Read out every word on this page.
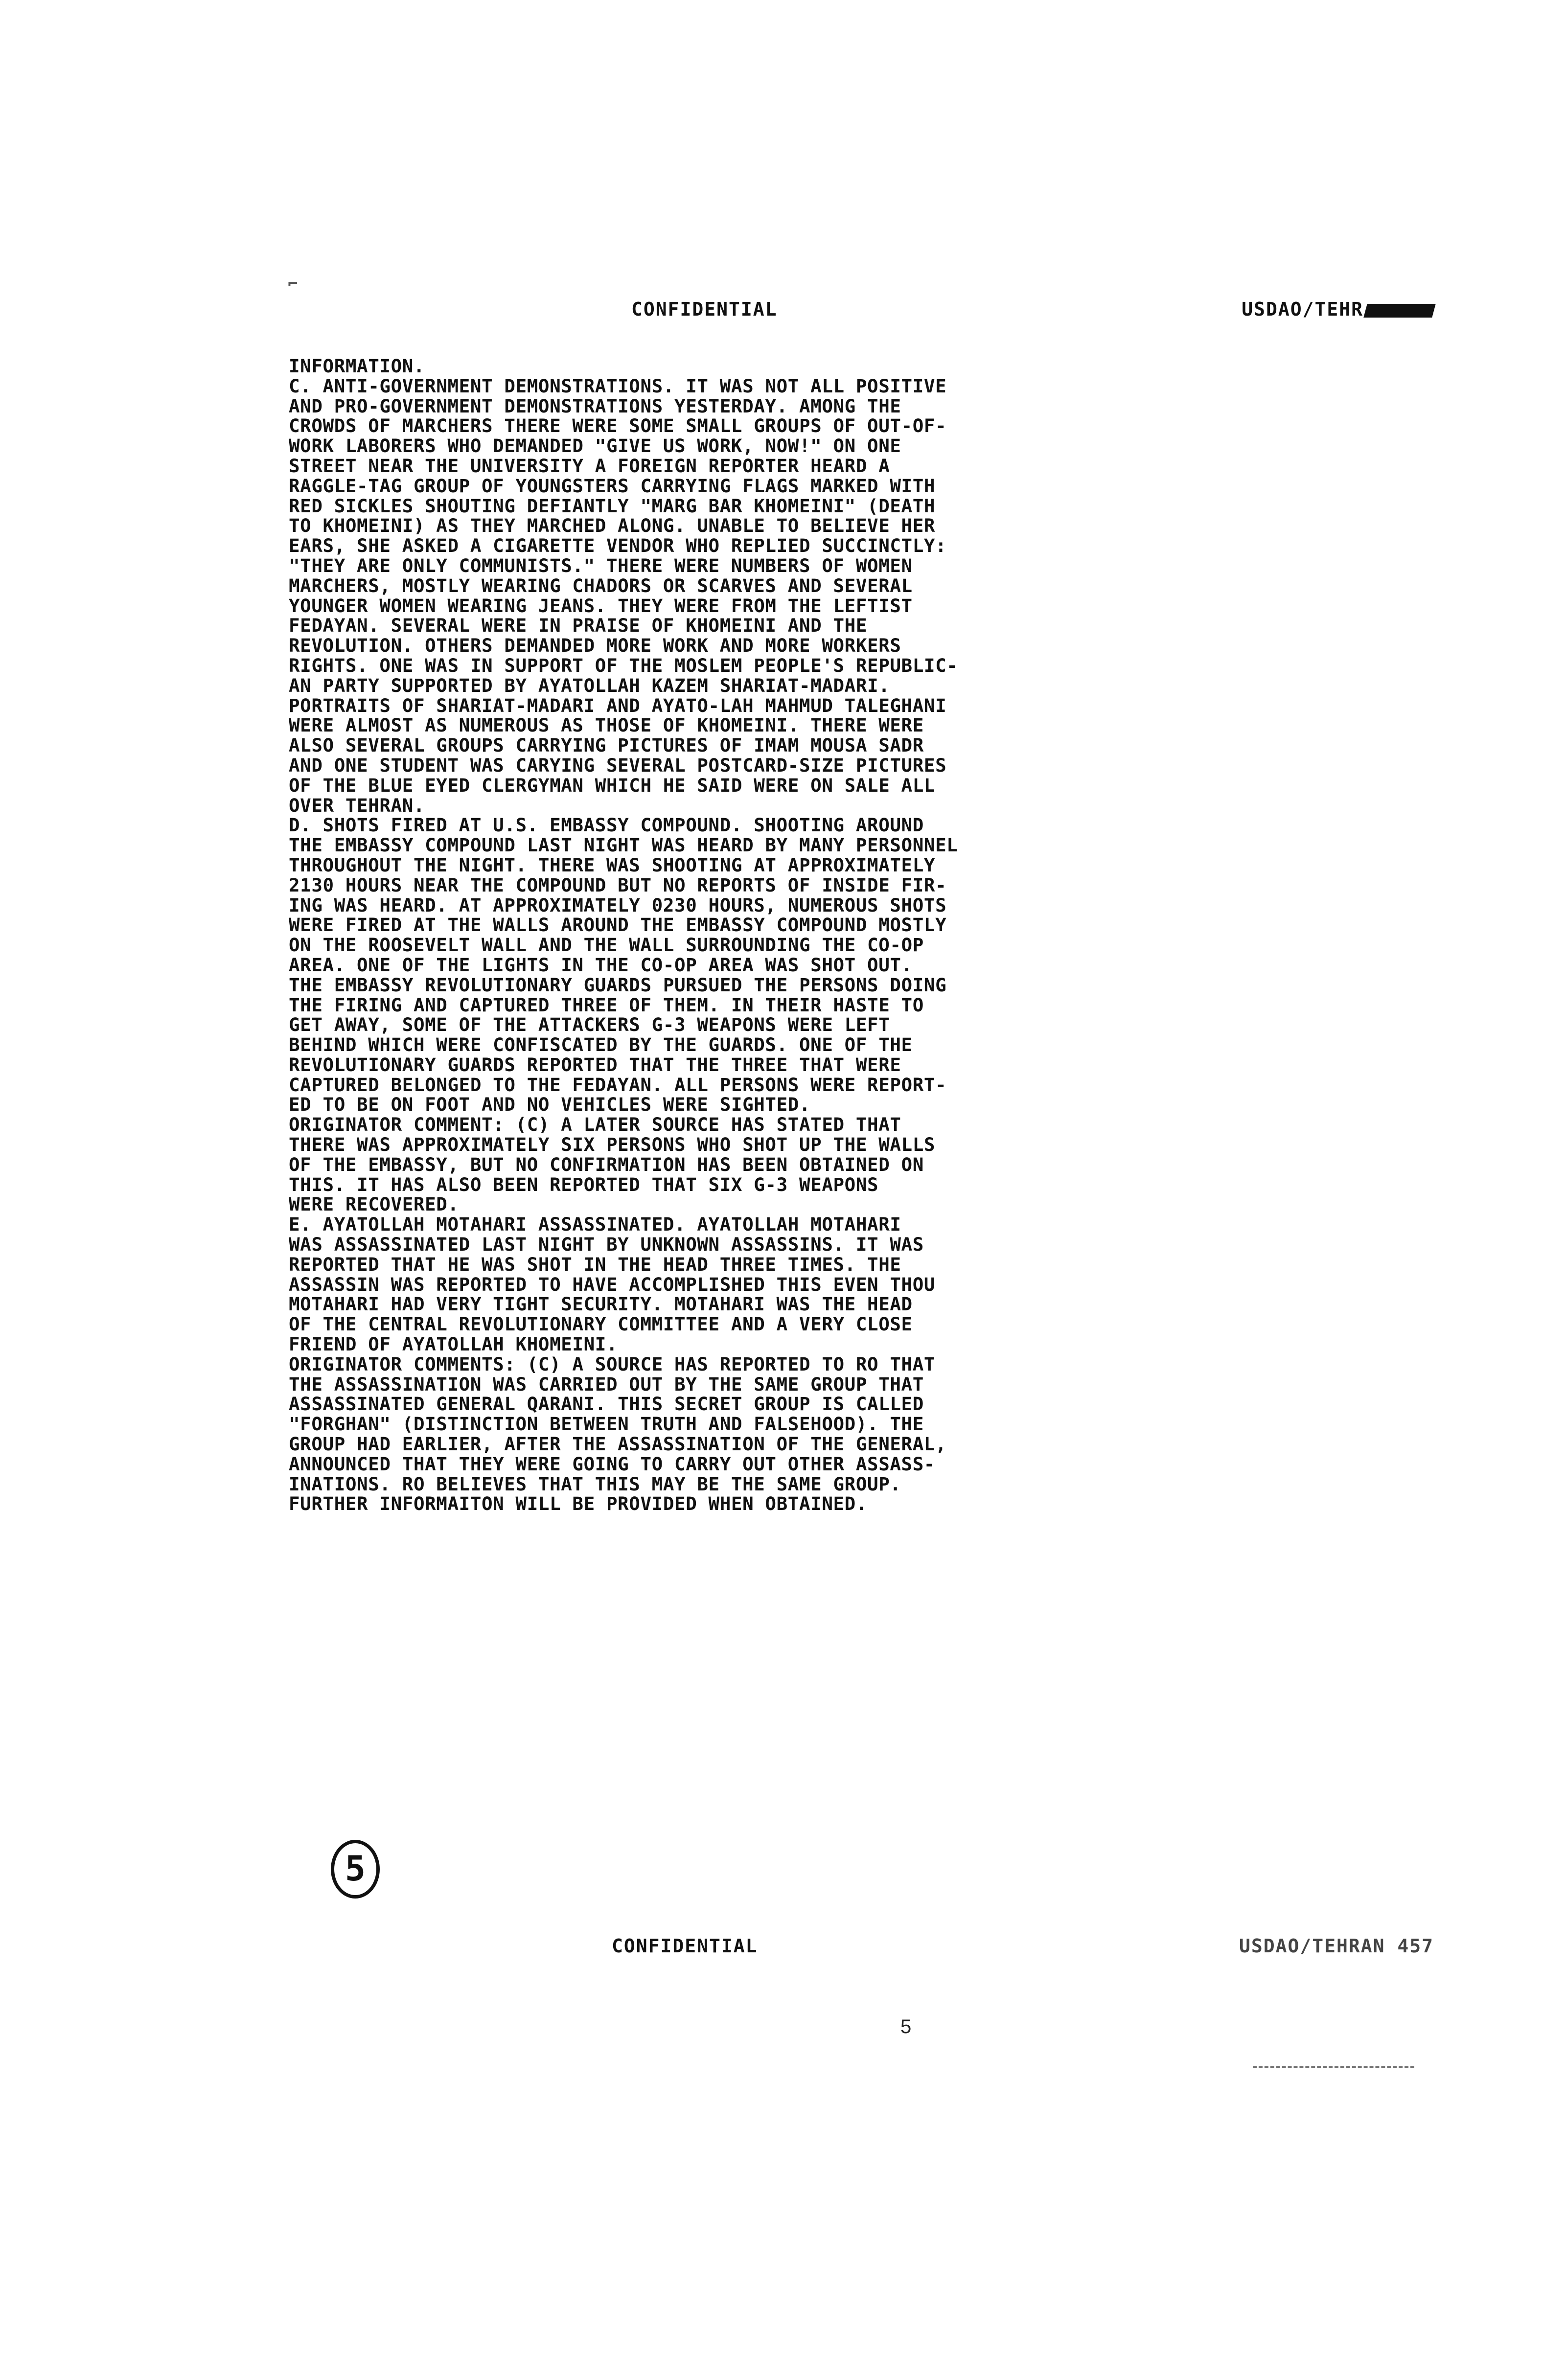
⌐
CONFIDENTIAL	USDAO/TEHR
INFORMATION.
C. ANTI-GOVERNMENT DEMONSTRATIONS. IT WAS NOT ALL POSITIVE
AND PRO-GOVERNMENT DEMONSTRATIONS YESTERDAY. AMONG THE
CROWDS OF MARCHERS THERE WERE SOME SMALL GROUPS OF OUT-OF-
WORK LABORERS WHO DEMANDED "GIVE US WORK, NOW!" ON ONE
STREET NEAR THE UNIVERSITY A FOREIGN REPORTER HEARD A
RAGGLE-TAG GROUP OF YOUNGSTERS CARRYING FLAGS MARKED WITH
RED SICKLES SHOUTING DEFIANTLY "MARG BAR KHOMEINI" (DEATH
TO KHOMEINI) AS THEY MARCHED ALONG. UNABLE TO BELIEVE HER
EARS, SHE ASKED A CIGARETTE VENDOR WHO REPLIED SUCCINCTLY:
"THEY ARE ONLY COMMUNISTS." THERE WERE NUMBERS OF WOMEN
MARCHERS, MOSTLY WEARING CHADORS OR SCARVES AND SEVERAL
YOUNGER WOMEN WEARING JEANS. THEY WERE FROM THE LEFTIST
FEDAYAN. SEVERAL WERE IN PRAISE OF KHOMEINI AND THE
REVOLUTION. OTHERS DEMANDED MORE WORK AND MORE WORKERS
RIGHTS. ONE WAS IN SUPPORT OF THE MOSLEM PEOPLE'S REPUBLIC-
AN PARTY SUPPORTED BY AYATOLLAH KAZEM SHARIAT-MADARI.
PORTRAITS OF SHARIAT-MADARI AND AYATO-LAH MAHMUD TALEGHANI
WERE ALMOST AS NUMEROUS AS THOSE OF KHOMEINI. THERE WERE
ALSO SEVERAL GROUPS CARRYING PICTURES OF IMAM MOUSA SADR
AND ONE STUDENT WAS CARYING SEVERAL POSTCARD-SIZE PICTURES
OF THE BLUE EYED CLERGYMAN WHICH HE SAID WERE ON SALE ALL
OVER TEHRAN.
D. SHOTS FIRED AT U.S. EMBASSY COMPOUND. SHOOTING AROUND
THE EMBASSY COMPOUND LAST NIGHT WAS HEARD BY MANY PERSONNEL
THROUGHOUT THE NIGHT. THERE WAS SHOOTING AT APPROXIMATELY
2130 HOURS NEAR THE COMPOUND BUT NO REPORTS OF INSIDE FIR-
ING WAS HEARD. AT APPROXIMATELY 0230 HOURS, NUMEROUS SHOTS
WERE FIRED AT THE WALLS AROUND THE EMBASSY COMPOUND MOSTLY
ON THE ROOSEVELT WALL AND THE WALL SURROUNDING THE CO-OP
AREA. ONE OF THE LIGHTS IN THE CO-OP AREA WAS SHOT OUT.
THE EMBASSY REVOLUTIONARY GUARDS PURSUED THE PERSONS DOING
THE FIRING AND CAPTURED THREE OF THEM. IN THEIR HASTE TO
GET AWAY, SOME OF THE ATTACKERS G-3 WEAPONS WERE LEFT
BEHIND WHICH WERE CONFISCATED BY THE GUARDS. ONE OF THE
REVOLUTIONARY GUARDS REPORTED THAT THE THREE THAT WERE
CAPTURED BELONGED TO THE FEDAYAN. ALL PERSONS WERE REPORT-
ED TO BE ON FOOT AND NO VEHICLES WERE SIGHTED.
ORIGINATOR COMMENT: (C) A LATER SOURCE HAS STATED THAT
THERE WAS APPROXIMATELY SIX PERSONS WHO SHOT UP THE WALLS
OF THE EMBASSY, BUT NO CONFIRMATION HAS BEEN OBTAINED ON
THIS. IT HAS ALSO BEEN REPORTED THAT SIX G-3 WEAPONS
WERE RECOVERED.
E. AYATOLLAH MOTAHARI ASSASSINATED. AYATOLLAH MOTAHARI
WAS ASSASSINATED LAST NIGHT BY UNKNOWN ASSASSINS. IT WAS
REPORTED THAT HE WAS SHOT IN THE HEAD THREE TIMES. THE
ASSASSIN WAS REPORTED TO HAVE ACCOMPLISHED THIS EVEN THOU
MOTAHARI HAD VERY TIGHT SECURITY. MOTAHARI WAS THE HEAD
OF THE CENTRAL REVOLUTIONARY COMMITTEE AND A VERY CLOSE
FRIEND OF AYATOLLAH KHOMEINI.
ORIGINATOR COMMENTS: (C) A SOURCE HAS REPORTED TO RO THAT
THE ASSASSINATION WAS CARRIED OUT BY THE SAME GROUP THAT
ASSASSINATED GENERAL QARANI. THIS SECRET GROUP IS CALLED
"FORGHAN" (DISTINCTION BETWEEN TRUTH AND FALSEHOOD). THE
GROUP HAD EARLIER, AFTER THE ASSASSINATION OF THE GENERAL,
ANNOUNCED THAT THEY WERE GOING TO CARRY OUT OTHER ASSASS-
INATIONS. RO BELIEVES THAT THIS MAY BE THE SAME GROUP.
FURTHER INFORMAITON WILL BE PROVIDED WHEN OBTAINED.
5
CONFIDENTIAL	USDAO/TEHRAN 457
5
